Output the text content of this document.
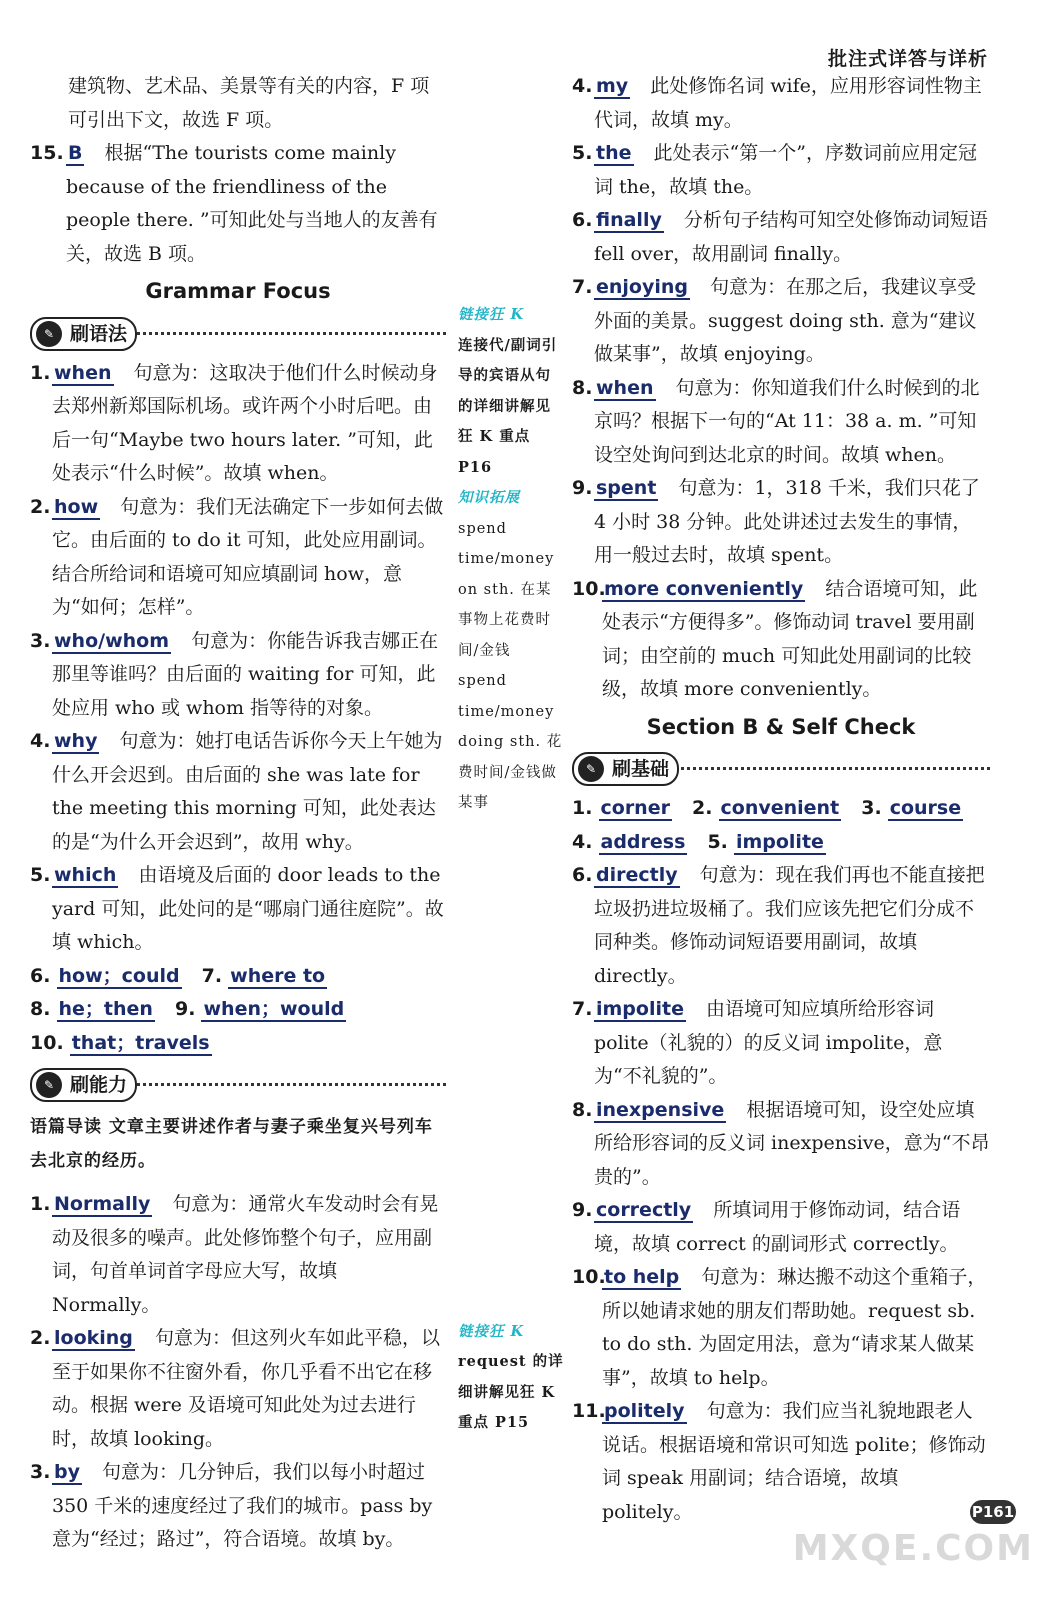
批注式详答与详析
建筑物、艺术品、美景等有关的内容，F 项可引出下文，故选 F 项。
15. B 根据“The tourists come mainly because of the friendliness of the people there. ”可知此处与当地人的友善有关，故选 B 项。
Grammar Focus
✎ 刷语法
1. when 句意为：这取决于他们什么时候动身去郑州新郑国际机场。或许两个小时后吧。由后一句“Maybe two hours later. ”可知，此处表示“什么时候”。故填 when。
2. how 句意为：我们无法确定下一步如何去做它。由后面的 to do it 可知，此处应用副词。结合所给词和语境可知应填副词 how，意为“如何；怎样”。
3. who/whom 句意为：你能告诉我吉娜正在那里等谁吗？由后面的 waiting for 可知，此处应用 who 或 whom 指等待的对象。
4. why 句意为：她打电话告诉你今天上午她为什么开会迟到。由后面的 she was late for the meeting this morning 可知，此处表达的是“为什么开会迟到”，故用 why。
5. which 由语境及后面的 door leads to the yard 可知，此处问的是“哪扇门通往庭院”。故填 which。
6. how；could 7. where to
8. he；then 9. when；would
10. that；travels
✎ 刷能力
语篇导读 文章主要讲述作者与妻子乘坐复兴号列车去北京的经历。
1. Normally 句意为：通常火车发动时会有晃动及很多的噪声。此处修饰整个句子，应用副词，句首单词首字母应大写，故填 Normally。
2. looking 句意为：但这列火车如此平稳，以至于如果你不往窗外看，你几乎看不出它在移动。根据 were 及语境可知此处为过去进行时，故填 looking。
3. by 句意为：几分钟后，我们以每小时超过 350 千米的速度经过了我们的城市。pass by 意为“经过；路过”，符合语境。故填 by。
链接狂 K
连接代/副词引导的宾语从句的详细讲解见狂 K 重点 P16
知识拓展
spend time/money on sth. 在某事物上花费时间/金钱 spend time/money doing sth. 花费时间/金钱做某事
链接狂 K
request 的详细讲解见狂 K 重点 P15
4. my 此处修饰名词 wife，应用形容词性物主代词，故填 my。
5. the 此处表示“第一个”，序数词前应用定冠词 the，故填 the。
6. finally 分析句子结构可知空处修饰动词短语 fell over，故用副词 finally。
7. enjoying 句意为：在那之后，我建议享受外面的美景。suggest doing sth. 意为“建议做某事”，故填 enjoying。
8. when 句意为：你知道我们什么时候到的北京吗？根据下一句的“At 11：38 a. m. ”可知设空处询问到达北京的时间。故填 when。
9. spent 句意为：1，318 千米，我们只花了 4 小时 38 分钟。此处讲述过去发生的事情，用一般过去时，故填 spent。
10.
more conveniently 结合语境可知，此处表示“方便得多”。修饰动词 travel 要用副词；由空前的 much 可知此处用副词的比较级，故填 more conveniently。
Section B & Self Check
✎ 刷基础
1. corner 2. convenient 3. course
4. address 5. impolite
6. directly 句意为：现在我们再也不能直接把垃圾扔进垃圾桶了。我们应该先把它们分成不同种类。修饰动词短语要用副词，故填 directly。
7. impolite 由语境可知应填所给形容词 polite（礼貌的）的反义词 impolite，意为“不礼貌的”。
8. inexpensive 根据语境可知，设空处应填所给形容词的反义词 inexpensive，意为“不昂贵的”。
9. correctly 所填词用于修饰动词，结合语境，故填 correct 的副词形式 correctly。
10.
to help 句意为：琳达搬不动这个重箱子，所以她请求她的朋友们帮助她。request sb. to do sth. 为固定用法，意为“请求某人做某事”，故填 to help。
11.
politely 句意为：我们应当礼貌地跟老人说话。根据语境和常识可知选 polite；修饰动词 speak 用副词；结合语境，故填 politely。	P161
MXQE.COM
